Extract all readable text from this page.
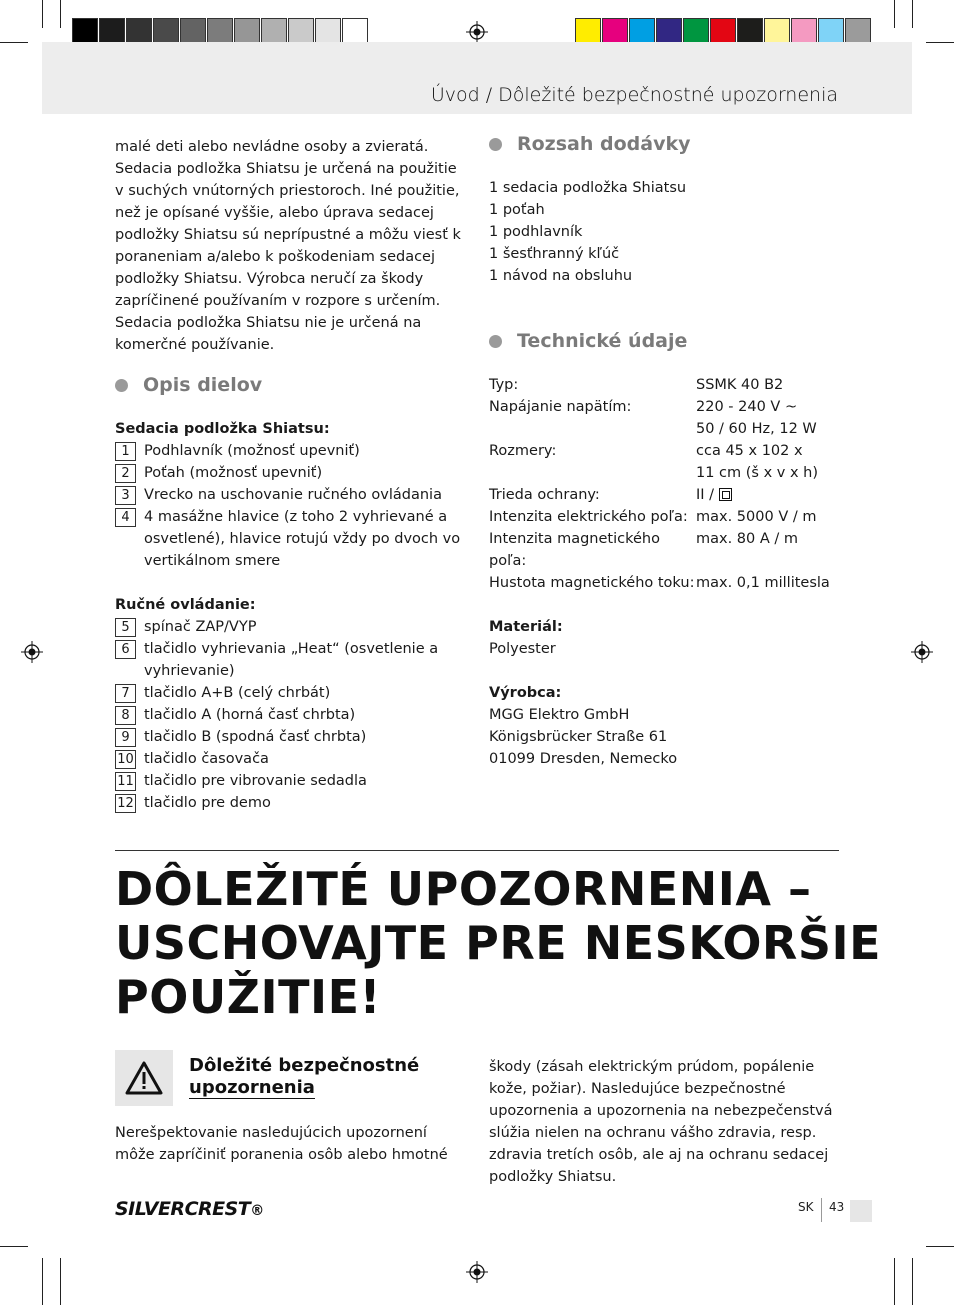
Úvod / Dôležité bezpečnostné upozornenia
malé deti alebo nevládne osoby a zvieratá. Sedacia podložka Shiatsu je určená na použitie v suchých vnútorných priestoroch. Iné použitie, než je opísané vyššie, alebo úprava sedacej podložky Shiatsu sú neprípustné a môžu viesť k poraneniam a/alebo k poškodeniam sedacej podložky Shiatsu. Výrobca neručí za škody zapríčinené používaním v rozpore s určením. Sedacia podložka Shiatsu nie je určená na komerčné používanie.
Opis dielov
Sedacia podložka Shiatsu:
1 Podhlavník (možnosť upevniť)
2 Poťah (možnosť upevniť)
3 Vrecko na uschovanie ručného ovládania
4 4 masážne hlavice (z toho 2 vyhrievané a osvetlené), hlavice rotujú vždy po dvoch vo vertikálnom smere
Ručné ovládanie:
5 spínač ZAP/VYP
6 tlačidlo vyhrievania „Heat“ (osvetlenie a vyhrievanie)
7 tlačidlo A+B (celý chrbát)
8 tlačidlo A (horná časť chrbta)
9 tlačidlo B (spodná časť chrbta)
10 tlačidlo časovača
11 tlačidlo pre vibrovanie sedadla
12 tlačidlo pre demo
Rozsah dodávky
1 sedacia podložka Shiatsu
1 poťah
1 podhlavník
1 šesťhranný kľúč
1 návod na obsluhu
Technické údaje
Typ:	SSMK 40 B2
Napájanie napätím:	220 - 240 V ~
50 / 60 Hz, 12 W
Rozmery:	cca 45 x 102 x
11 cm (š x v x h)
Trieda ochrany:	II /
Intenzita elektrického poľa: max. 5000 V / m
Intenzita magnetického poľa:
max. 80 A / m
Hustota magnetického toku: max. 0,1 millitesla
Materiál:
Polyester
Výrobca:
MGG Elektro GmbH
Königsbrücker Straße 61
01099 Dresden, Nemecko
DÔLEŽITÉ UPOZORNENIA –
USCHOVAJTE PRE NESKORŠIE
POUŽITIE!
Dôležité bezpečnostné
upozornenia
Nerešpektovanie nasledujúcich upozornení môže zapríčiniť poranenia osôb alebo hmotné
škody (zásah elektrickým prúdom, popálenie kože, požiar). Nasledujúce bezpečnostné upozornenia a upozornenia na nebezpečenstvá slúžia nielen na ochranu vášho zdravia, resp. zdravia tretích osôb, ale aj na ochranu sedacej podložky Shiatsu.
SILVERCREST®	SK 43
